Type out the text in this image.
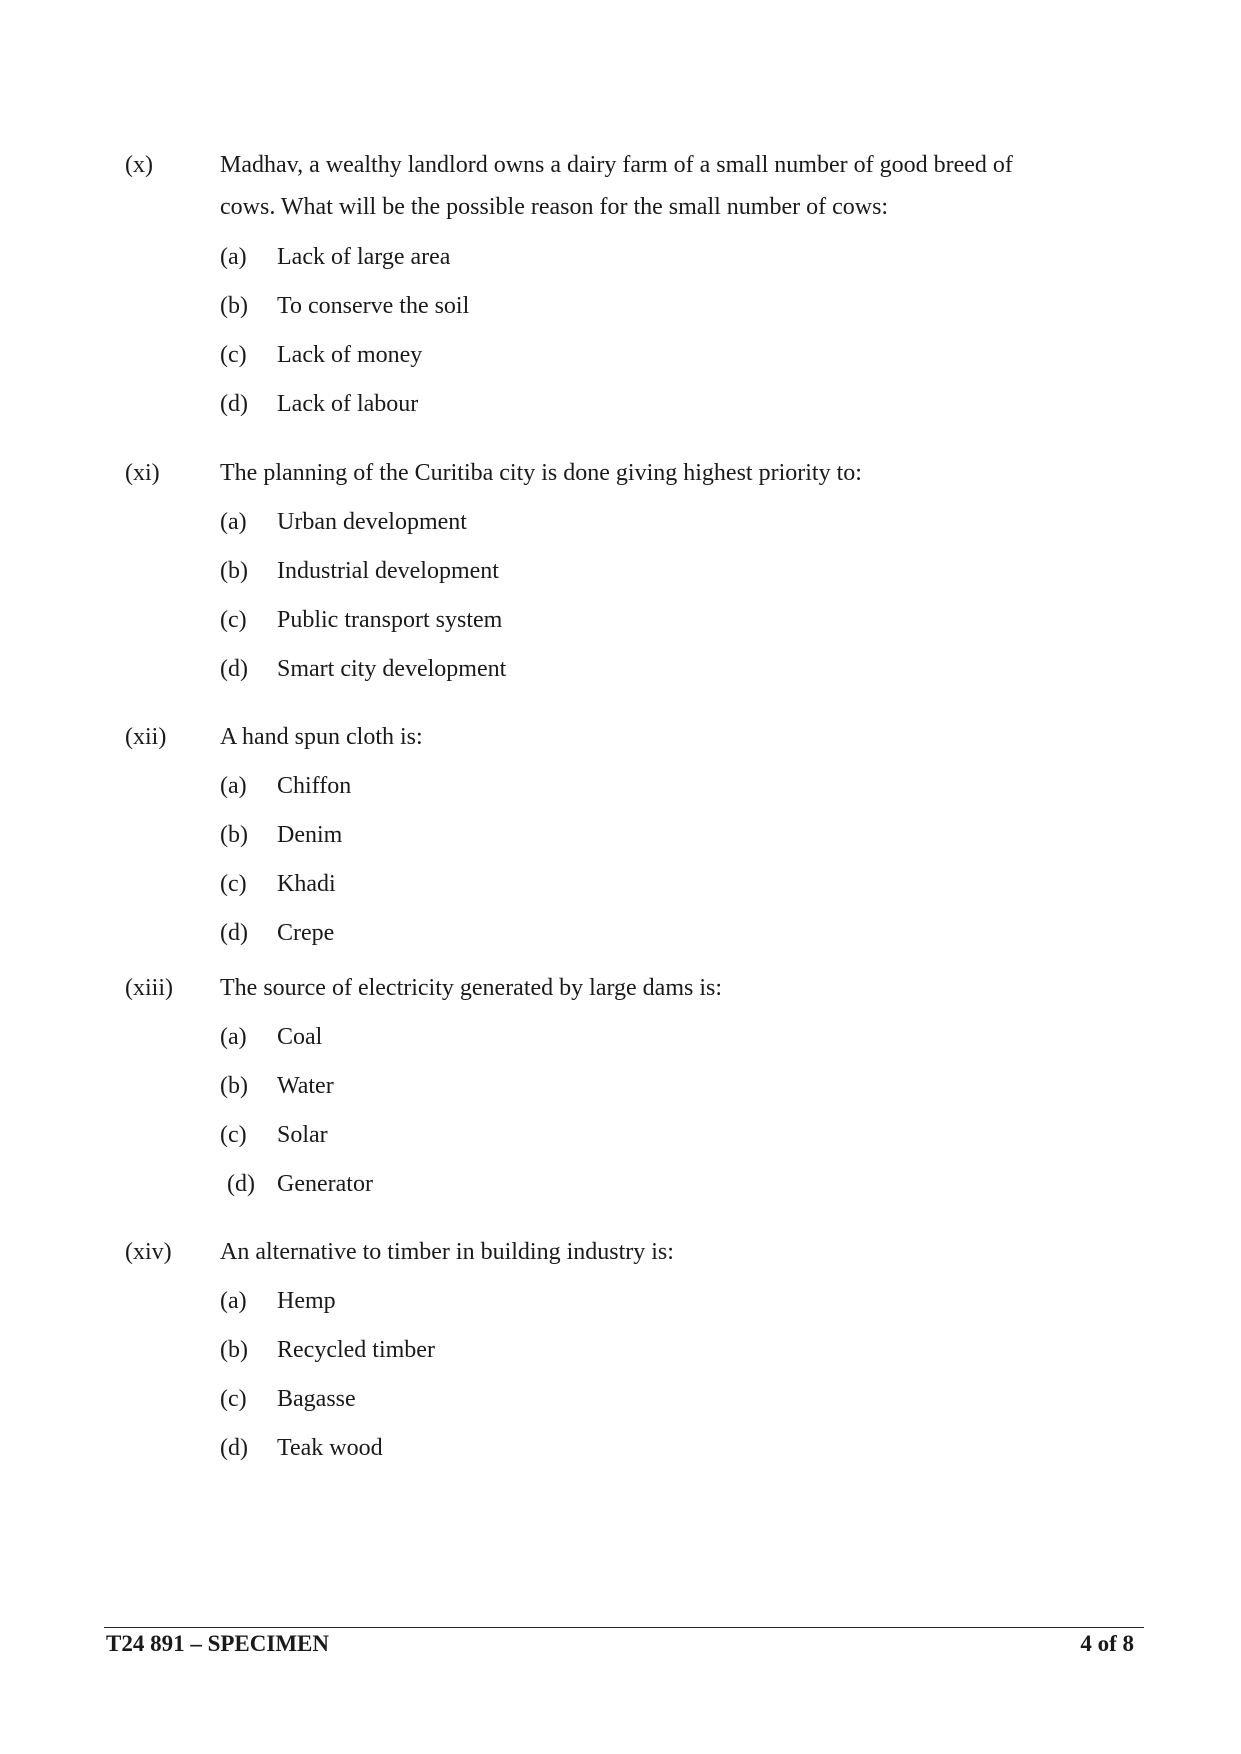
(x)	Madhav, a wealthy landlord owns a dairy farm of a small number of good breed of cows. What will be the possible reason for the small number of cows:
(a) Lack of large area
(b) To conserve the soil
(c) Lack of money
(d) Lack of labour
(xi)	The planning of the Curitiba city is done giving highest priority to:
(a) Urban development
(b) Industrial development
(c) Public transport system
(d) Smart city development
(xii) A hand spun cloth is:
(a) Chiffon
(b) Denim
(c) Khadi
(d) Crepe
(xiii) The source of electricity generated by large dams is:
(a) Coal
(b) Water
(c) Solar
(d) Generator
(xiv) An alternative to timber in building industry is:
(a) Hemp
(b) Recycled timber
(c) Bagasse
(d) Teak wood
T24 891 – SPECIMEN	4 of 8
